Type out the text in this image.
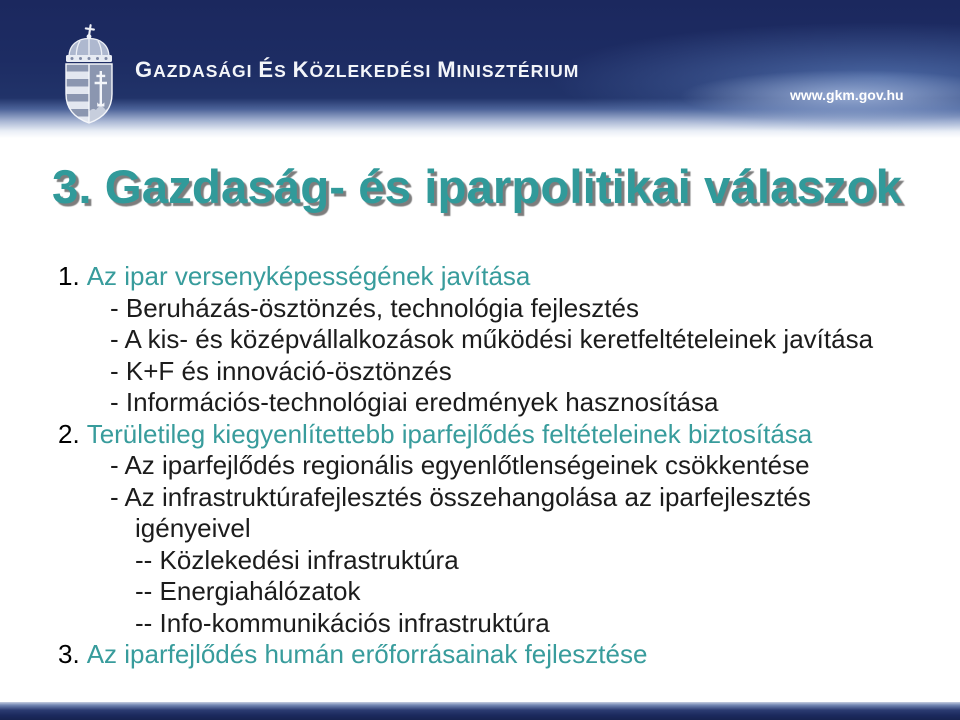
GAZDASÁGI ÉS KÖZLEKEDÉSI MINISZTÉRIUM
www.gkm.gov.hu
3. Gazdaság- és iparpolitikai válaszok
1. Az ipar versenyképességének javítása
- Beruházás-ösztönzés, technológia fejlesztés
- A kis- és középvállalkozások működési keretfeltételeinek javítása
- K+F és innováció-ösztönzés
- Információs-technológiai eredmények hasznosítása
2. Területileg kiegyenlítettebb iparfejlődés feltételeinek biztosítása
- Az iparfejlődés regionális egyenlőtlenségeinek csökkentése
- Az infrastruktúrafejlesztés összehangolása az iparfejlesztés
igényeivel
-- Közlekedési infrastruktúra
-- Energiahálózatok
-- Info-kommunikációs infrastruktúra
3. Az iparfejlődés humán erőforrásainak fejlesztése
